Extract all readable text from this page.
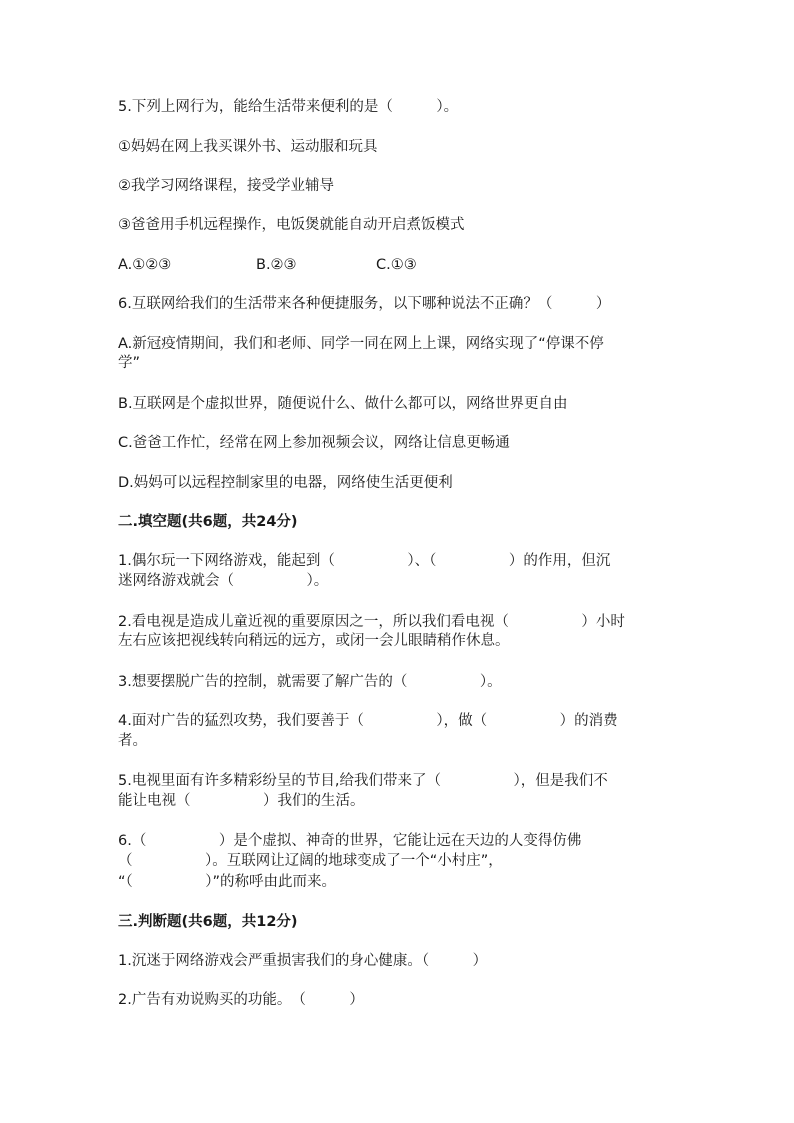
5.下列上网行为，能给生活带来便利的是（　　　）。
①妈妈在网上我买课外书、运动服和玩具
②我学习网络课程，接受学业辅导
③爸爸用手机远程操作，电饭煲就能自动开启煮饭模式
A.①②③	B.②③	C.①③
6.互联网给我们的生活带来各种便捷服务，以下哪种说法不正确？（　　　）
A.新冠疫情期间，我们和老师、同学一同在网上上课，网络实现了“停课不停
学”
B.互联网是个虚拟世界，随便说什么、做什么都可以，网络世界更自由
C.爸爸工作忙，经常在网上参加视频会议，网络让信息更畅通
D.妈妈可以远程控制家里的电器，网络使生活更便利
二.填空题(共6题，共24分)
1.偶尔玩一下网络游戏，能起到（　　　　　）、（　　　　　）的作用，但沉
迷网络游戏就会（　　　　　）。
2.看电视是造成儿童近视的重要原因之一，所以我们看电视（　　　　　）小时
左右应该把视线转向稍远的远方，或闭一会儿眼睛稍作休息。
3.想要摆脱广告的控制，就需要了解广告的（　　　　　）。
4.面对广告的猛烈攻势，我们要善于（　　　　　），做（　　　　　）的消费
者。
5.电视里面有许多精彩纷呈的节目,给我们带来了（　　　　　），但是我们不
能让电视（　　　　　）我们的生活。
6.（　　　　　）是个虚拟、神奇的世界，它能让远在天边的人变得仿佛
（　　　　　）。互联网让辽阔的地球变成了一个“小村庄”，
“（　　　　　）”的称呼由此而来。
三.判断题(共6题，共12分)
1.沉迷于网络游戏会严重损害我们的身心健康。（　　　）
2.广告有劝说购买的功能。　（　　　）
